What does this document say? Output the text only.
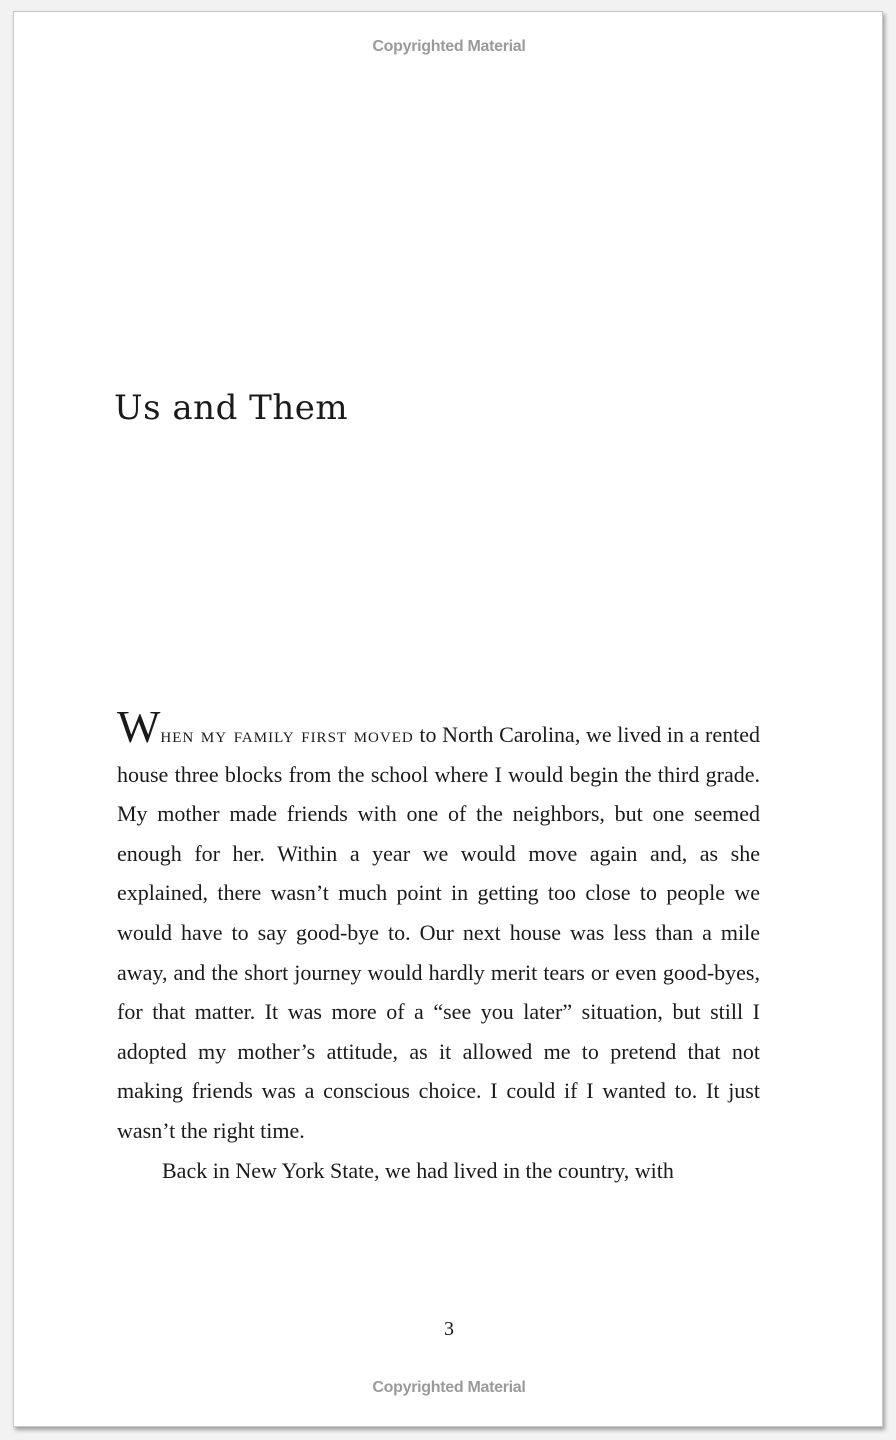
Copyrighted Material
Us and Them

When my family first moved to North Carolina, we lived in a rented house three blocks from the school where I would begin the third grade. My mother made friends with one of the neighbors, but one seemed enough for her. Within a year we would move again and, as she explained, there wasn’t much point in getting too close to people we would have to say good-bye to. Our next house was less than a mile away, and the short journey would hardly merit tears or even good-byes, for that matter. It was more of a “see you later” situation, but still I adopted my mother’s attitude, as it allowed me to pretend that not making friends was a conscious choice. I could if I wanted to. It just wasn’t the right time.

Back in New York State, we had lived in the country, with

3
Copyrighted Material
